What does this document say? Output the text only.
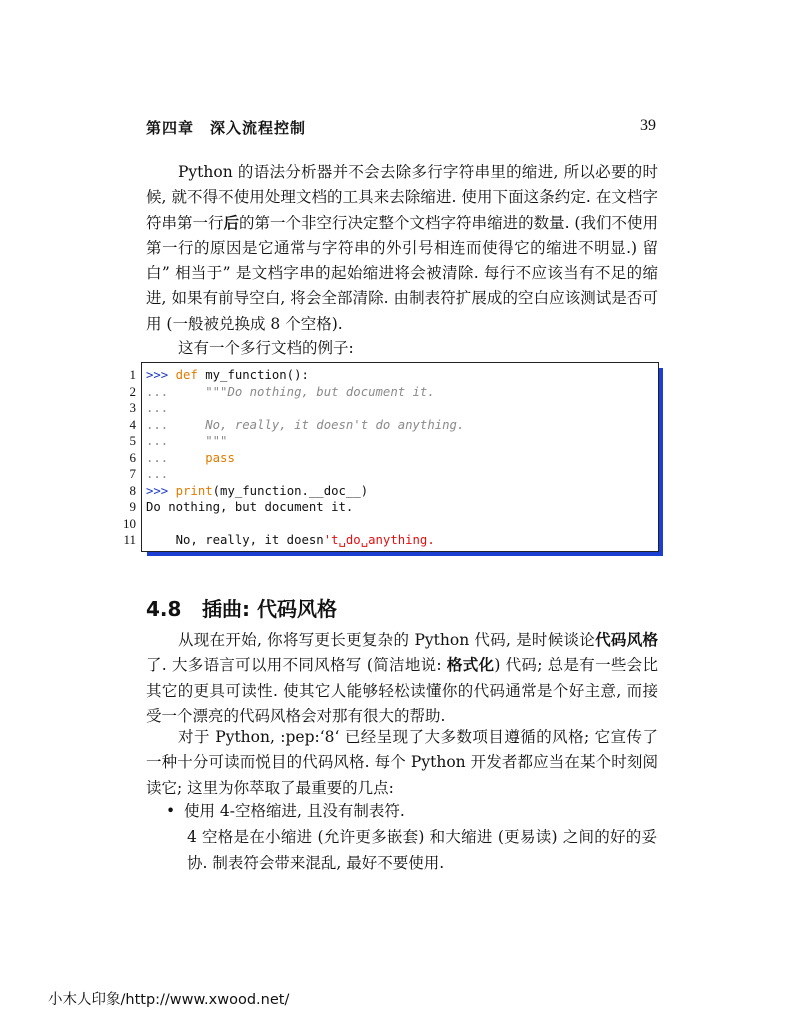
第四章　深入流程控制	39

Python 的语法分析器并不会去除多行字符串里的缩进, 所以必要的时候, 就不得不使用处理文档的工具来去除缩进. 使用下面这条约定. 在文档字符串第一行后的第一个非空行决定整个文档字符串缩进的数量. (我们不使用第一行的原因是它通常与字符串的外引号相连而使得它的缩进不明显.) 留白” 相当于” 是文档字串的起始缩进将会被清除. 每行不应该当有不足的缩进, 如果有前导空白, 将会全部清除. 由制表符扩展成的空白应该测试是否可用 (一般被兑换成 8 个空格).

这有一个多行文档的例子:

1 >>> def my_function():
2 ...     """Do nothing, but document it.
3 ...
4 ...     No, really, it doesn't do anything.
5 ...     """
6 ...     pass
7 ...
8 >>> print(my_function.__doc__)
9 Do nothing, but document it.
10
11 No, really, it doesn't␣do␣anything.
4.8 插曲: 代码风格

从现在开始, 你将写更长更复杂的 Python 代码, 是时候谈论代码风格了. 大多语言可以用不同风格写 (简洁地说: 格式化) 代码; 总是有一些会比其它的更具可读性. 使其它人能够轻松读懂你的代码通常是个好主意, 而接受一个漂亮的代码风格会对那有很大的帮助.

对于 Python, :pep:‘8‘ 已经呈现了大多数项目遵循的风格; 它宣传了一种十分可读而悦目的代码风格. 每个 Python 开发者都应当在某个时刻阅读它; 这里为你萃取了最重要的几点:

• 使用 4-空格缩进, 且没有制表符.

4 空格是在小缩进 (允许更多嵌套) 和大缩进 (更易读) 之间的好的妥协. 制表符会带来混乱, 最好不要使用.

小木人印象/http://www.xwood.net/
